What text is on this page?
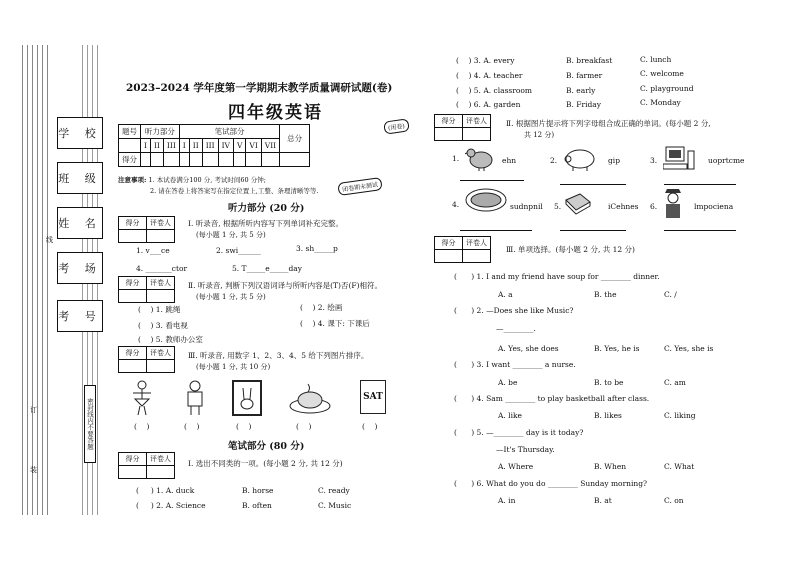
学 校
班 级
姓 名
考 场
考 号
密封线内不要答题
线
订
装
2023–2024 学年度第一学期期末教学质量调研试题(卷)
四年级英语
(闭卷)
题号	听力部分			笔试部分							总分
	I	II	III	I	II	III	IV	V	VI	VII	
得分											
注意事项: 1. 本试卷满分100 分, 考试时间60 分钟;
2. 请在答卷上将答案写在指定位置上,工整、条理清晰等等.	闭卷期末测试
听力部分 (20 分)
得分	评卷人
	Ⅰ. 听录音, 根据所听内容写下列单词补充完整。
(每小题 1 分, 共 5 分)
1. v___ce	2. swi______	3. sh_____p
4. _______ctor	5. T_____e_____day
得分	评卷人
	Ⅱ. 听录音, 判断下列汉语词译与所听内容是(T)否(F)相符。
(每小题 1 分, 共 5 分)
(    ) 1. 跳绳	(    ) 2. 绘画
(    ) 3. 看电视	(    ) 4. 课下: 下课后
(    ) 5. 教师办公室
得分	评卷人
	Ⅲ. 听录音, 用数字 1、2、3、4、5 给下列图片排序。
(每小题 1 分, 共 10 分)
SAT
(    )	(    )	(    )	(    )	(    )
笔试部分 (80 分)
得分	评卷人
	Ⅰ. 选出不同类的一项。(每小题 2 分, 共 12 分)
(     ) 1. A. duck	B. horse	C. ready
(     ) 2. A. Science	B. often	C. Music
(    ) 3. A. every	B. breakfast	C. lunch
(    ) 4. A. teacher	B. farmer	C. welcome
(    ) 5. A. classroom	B. early	C. playground
(    ) 6. A. garden	B. Friday	C. Monday
得分	评卷人
		Ⅱ. 根据图片提示将下列字母组合成正确的单词。(每小题 2 分,
共 12 分)
1.	ehn	2.	gip	3.	uoprtcme
4.	sudnpnil 5.	iCehnes 6.	lmpociena
得分	评卷人

Ⅲ. 单项选择。(每小题 2 分, 共 12 分)
(      ) 1. I and my friend have soup for ________ dinner.
A. a	B. the	C. /
(      ) 2. —Does she like Music?
—________.
A. Yes, she does	B. Yes, he is	C. Yes, she is
(      ) 3. I want ________ a nurse.
A. be	B. to be	C. am
(      ) 4. Sam ________ to play basketball after class.
A. like	B. likes	C. liking
(      ) 5. —________ day is it today?
—It's Thursday.
A. Where	B. When	C. What
(      ) 6. What do you do ________ Sunday morning?
A. in	B. at	C. on
